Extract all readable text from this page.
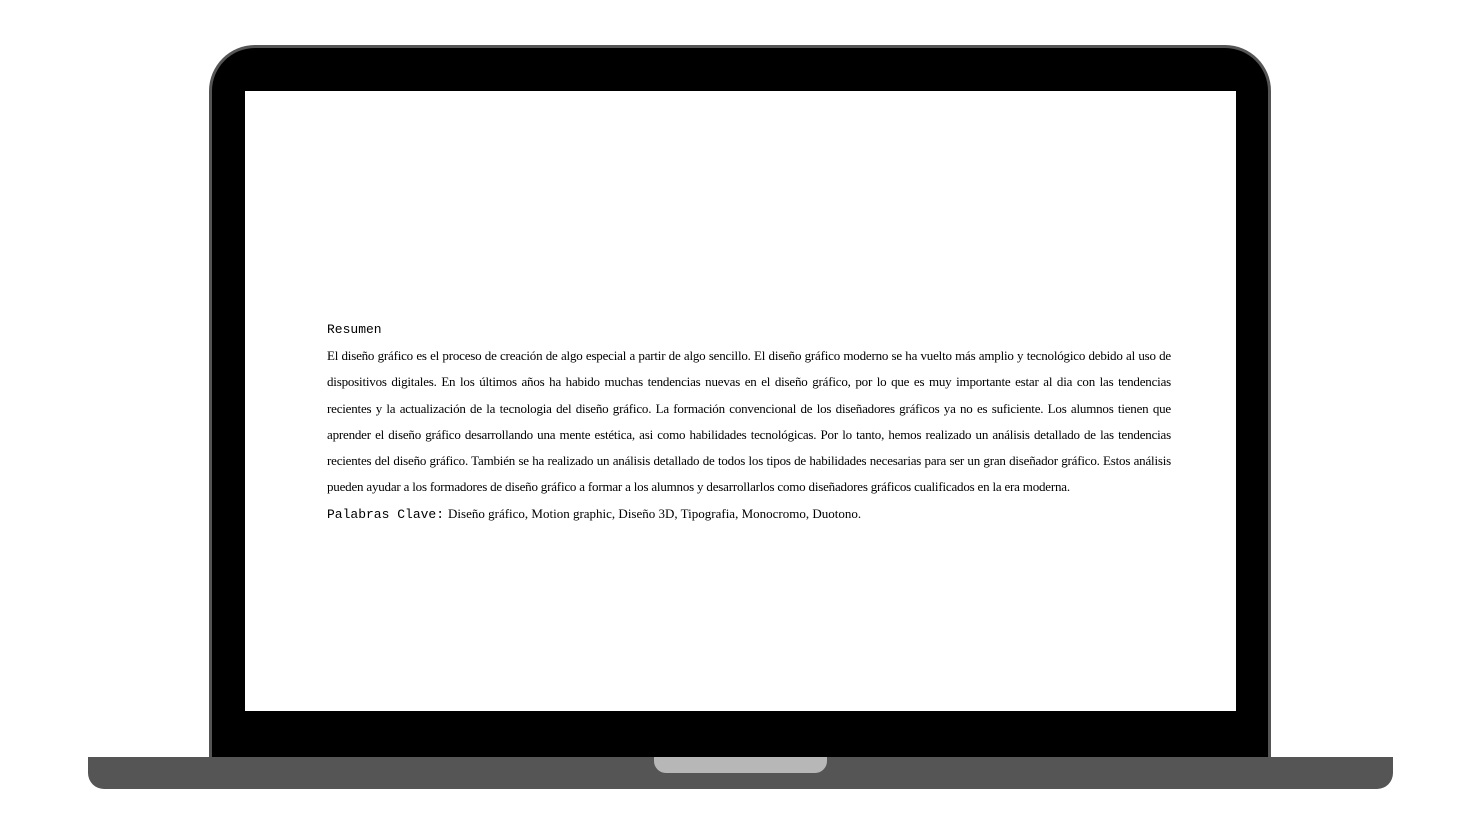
Resumen

El diseño gráfico es el proceso de creación de algo especial a partir de algo sencillo. El diseño gráfico moderno se ha vuelto más amplio y tecnológico debido al uso de dispositivos digitales. En los últimos años ha habido muchas tendencias nuevas en el diseño gráfico, por lo que es muy importante estar al dia con las tendencias recientes y la actualización de la tecnologia del diseño gráfico. La formación convencional de los diseñadores gráficos ya no es suficiente. Los alumnos tienen que aprender el diseño gráfico desarrollando una mente estética, asi como habilidades tecnológicas. Por lo tanto, hemos realizado un análisis detallado de las tendencias recientes del diseño gráfico. También se ha realizado un análisis detallado de todos los tipos de habilidades necesarias para ser un gran diseñador gráfico. Estos análisis pueden ayudar a los formadores de diseño gráfico a formar a los alumnos y desarrollarlos como diseñadores gráficos cualificados en la era moderna.

Palabras Clave: Diseño gráfico, Motion graphic, Diseño 3D, Tipografia, Monocromo, Duotono.
